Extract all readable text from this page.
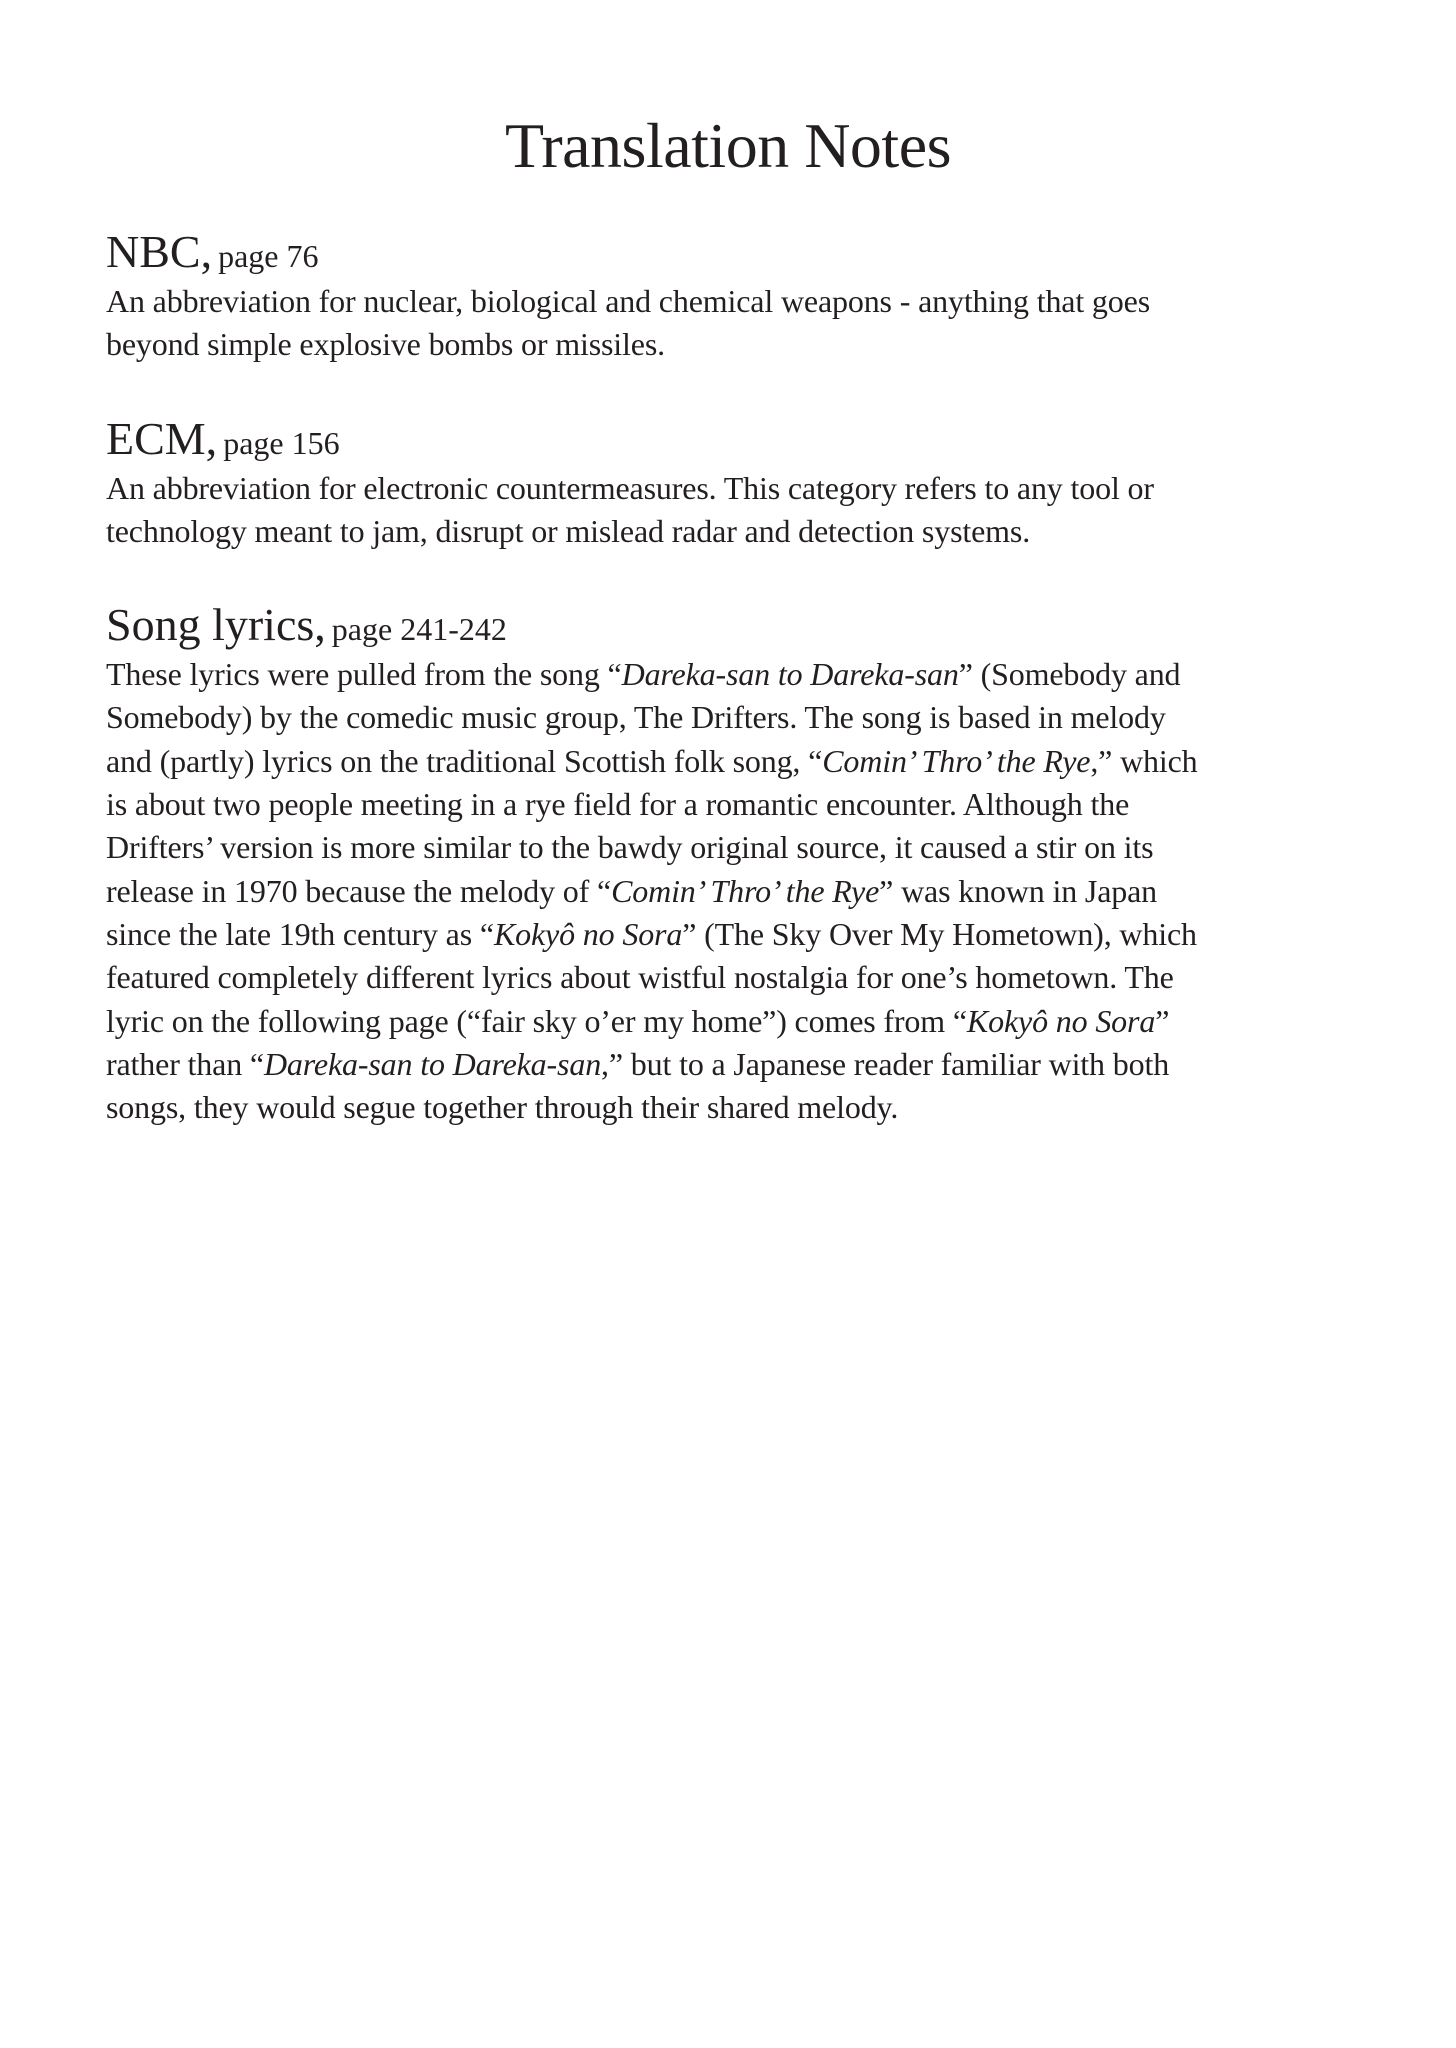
Translation Notes
NBC, page 76

An abbreviation for nuclear, biological and chemical weapons - anything that goes
beyond simple explosive bombs or missiles.

ECM, page 156

An abbreviation for electronic countermeasures. This category refers to any tool or
technology meant to jam, disrupt or mislead radar and detection systems.

Song lyrics, page 241-242

These lyrics were pulled from the song “Dareka-san to Dareka-san” (Somebody and
Somebody) by the comedic music group, The Drifters. The song is based in melody
and (partly) lyrics on the traditional Scottish folk song, “Comin’ Thro’ the Rye,” which
is about two people meeting in a rye field for a romantic encounter. Although the
Drifters’ version is more similar to the bawdy original source, it caused a stir on its
release in 1970 because the melody of “Comin’ Thro’ the Rye” was known in Japan
since the late 19th century as “Kokyô no Sora” (The Sky Over My Hometown), which
featured completely different lyrics about wistful nostalgia for one’s hometown. The
lyric on the following page (“fair sky o’er my home”) comes from “Kokyô no Sora”
rather than “Dareka-san to Dareka-san,” but to a Japanese reader familiar with both
songs, they would segue together through their shared melody.
